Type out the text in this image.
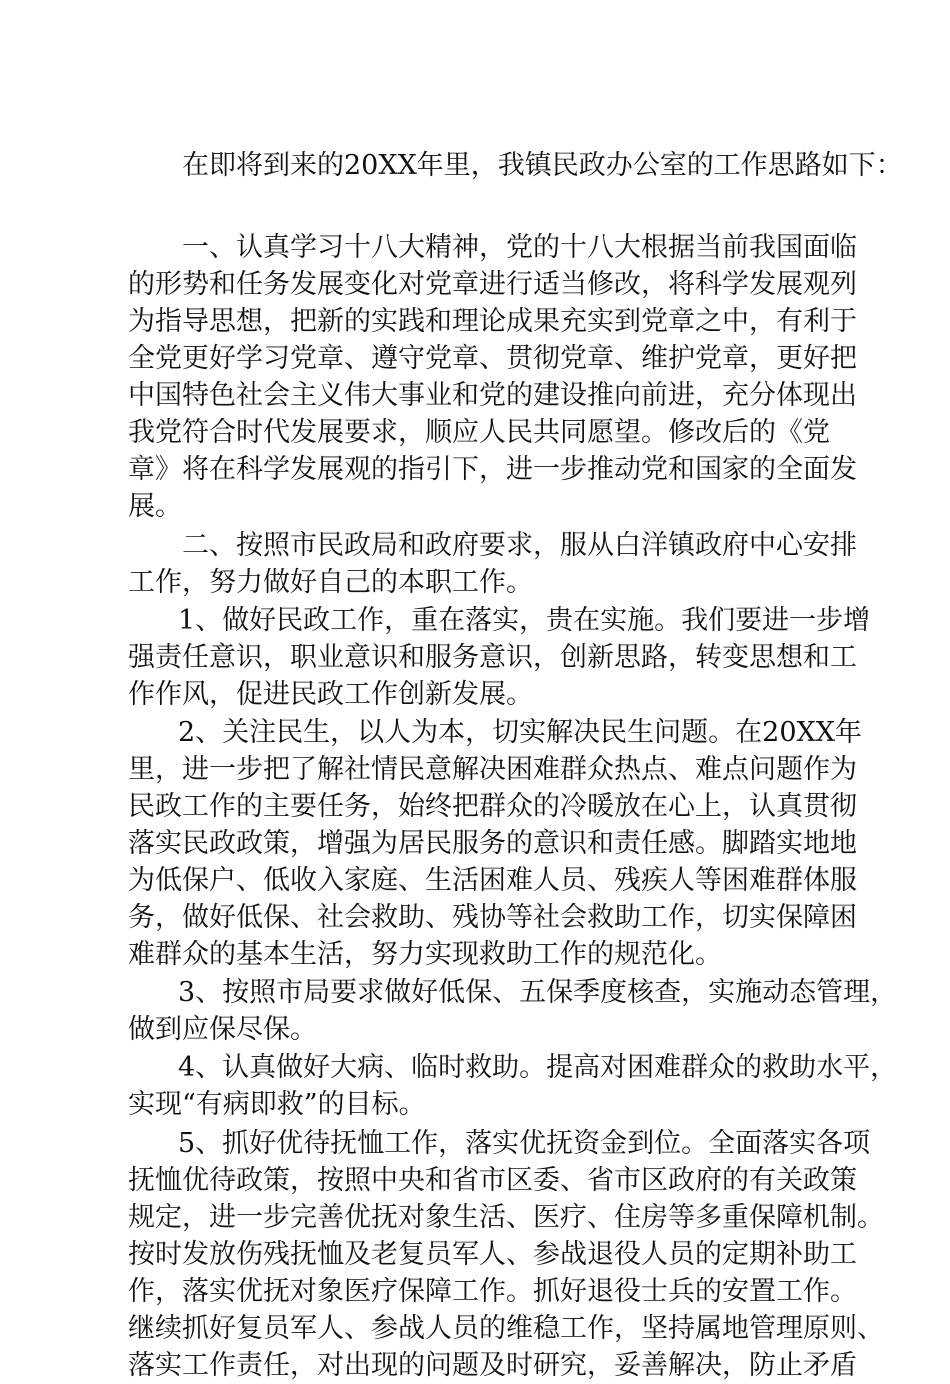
在即将到来的20XX年里，我镇民政办公室的工作思路如下：
一、认真学习十八大精神，党的十八大根据当前我国面临
的形势和任务发展变化对党章进行适当修改，将科学发展观列
为指导思想，把新的实践和理论成果充实到党章之中，有利于
全党更好学习党章、遵守党章、贯彻党章、维护党章，更好把
中国特色社会主义伟大事业和党的建设推向前进，充分体现出
我党符合时代发展要求，顺应人民共同愿望。修改后的《党
章》将在科学发展观的指引下，进一步推动党和国家的全面发
展。
二、按照市民政局和政府要求，服从白洋镇政府中心安排
工作，努力做好自己的本职工作。
1、做好民政工作，重在落实，贵在实施。我们要进一步增
强责任意识，职业意识和服务意识，创新思路，转变思想和工
作作风，促进民政工作创新发展。
2、关注民生，以人为本，切实解决民生问题。在20XX年
里，进一步把了解社情民意解决困难群众热点、难点问题作为
民政工作的主要任务，始终把群众的冷暖放在心上，认真贯彻
落实民政政策，增强为居民服务的意识和责任感。脚踏实地地
为低保户、低收入家庭、生活困难人员、残疾人等困难群体服
务，做好低保、社会救助、残协等社会救助工作，切实保障困
难群众的基本生活，努力实现救助工作的规范化。
3、按照市局要求做好低保、五保季度核查，实施动态管理，
做到应保尽保。
4、认真做好大病、临时救助。提高对困难群众的救助水平，
实现“有病即救”的目标。
5、抓好优待抚恤工作，落实优抚资金到位。全面落实各项
抚恤优待政策，按照中央和省市区委、省市区政府的有关政策
规定，进一步完善优抚对象生活、医疗、住房等多重保障机制。
按时发放伤残抚恤及老复员军人、参战退役人员的定期补助工
作，落实优抚对象医疗保障工作。抓好退役士兵的安置工作。
继续抓好复员军人、参战人员的维稳工作，坚持属地管理原则、
落实工作责任，对出现的问题及时研究，妥善解决，防止矛盾
